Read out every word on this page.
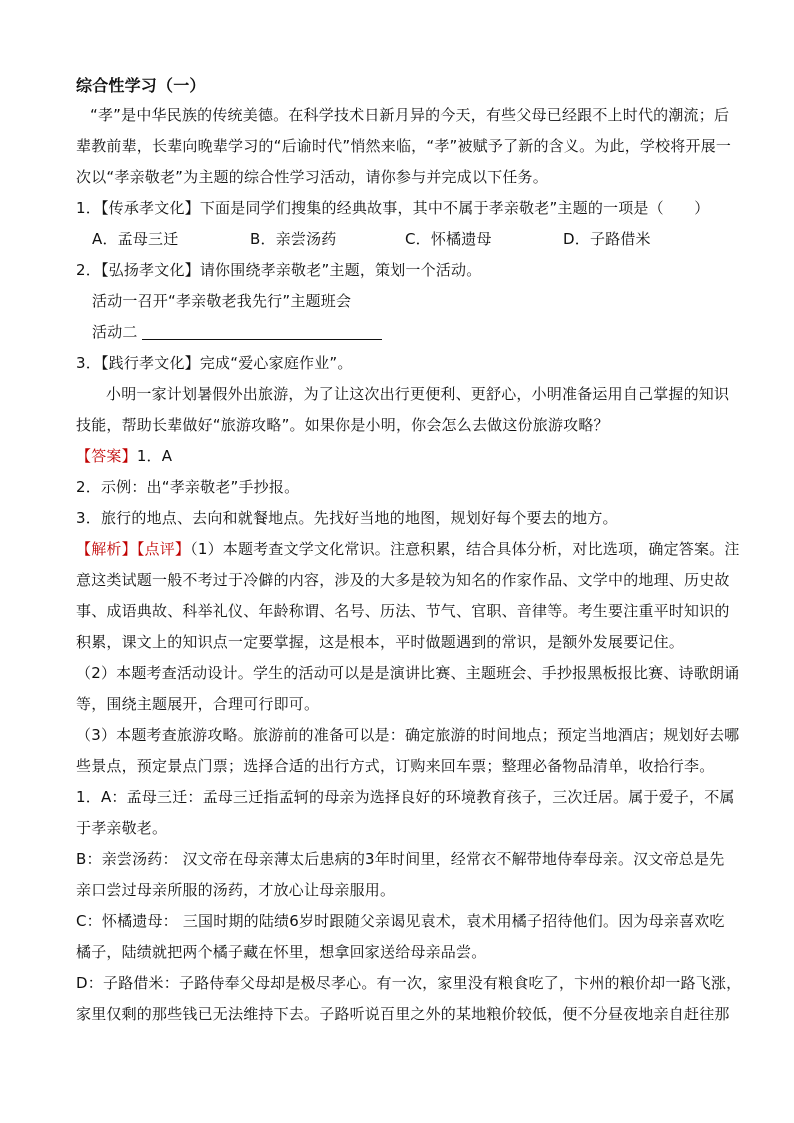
综合性学习（一）
“孝”是中华民族的传统美德。在科学技术日新月异的今天，有些父母已经跟不上时代的潮流；后
辈教前辈，长辈向晚辈学习的“后谕时代”悄然来临，“孝”被赋予了新的含义。为此，学校将开展一
次以“孝亲敬老”为主题的综合性学习活动，请你参与并完成以下任务。
1．【传承孝文化】下面是同学们搜集的经典故事，其中不属于孝亲敬老”主题的一项是（　　）
A．孟母三迁	B．亲尝汤药	C．怀橘遗母	D．子路借米
2．【弘扬孝文化】请你围绕孝亲敬老”主题，策划一个活动。
活动一召开“孝亲敬老我先行”主题班会
活动二
3．【践行孝文化】完成“爱心家庭作业”。
小明一家计划暑假外出旅游，为了让这次出行更便利、更舒心，小明准备运用自己掌握的知识
技能，帮助长辈做好“旅游攻略”。如果你是小明，你会怎么去做这份旅游攻略？
【答案】1．A
2．示例：出“孝亲敬老”手抄报。
3．旅行的地点、去向和就餐地点。先找好当地的地图，规划好每个要去的地方。
【解析】【点评】（1）本题考查文学文化常识。注意积累，结合具体分析，对比选项，确定答案。注
意这类试题一般不考过于冷僻的内容，涉及的大多是较为知名的作家作品、文学中的地理、历史故
事、成语典故、科举礼仪、年龄称谓、名号、历法、节气、官职、音律等。考生要注重平时知识的
积累，课文上的知识点一定要掌握，这是根本，平时做题遇到的常识，是额外发展要记住。
（2）本题考查活动设计。学生的活动可以是是演讲比赛、主题班会、手抄报黑板报比赛、诗歌朗诵
等，围绕主题展开，合理可行即可。
（3）本题考查旅游攻略。旅游前的准备可以是：确定旅游的时间地点；预定当地酒店；规划好去哪
些景点，预定景点门票；选择合适的出行方式，订购来回车票；整理必备物品清单，收拾行李。
1．A：孟母三迁：孟母三迁指孟轲的母亲为选择良好的环境教育孩子，三次迁居。属于爱子，不属
于孝亲敬老。
B：亲尝汤药： 汉文帝在母亲薄太后患病的3年时间里，经常衣不解带地侍奉母亲。汉文帝总是先
亲口尝过母亲所服的汤药，才放心让母亲服用。
C：怀橘遗母： 三国时期的陆绩6岁时跟随父亲谒见袁术，袁术用橘子招待他们。因为母亲喜欢吃
橘子，陆绩就把两个橘子藏在怀里，想拿回家送给母亲品尝。
D：子路借米：子路侍奉父母却是极尽孝心。有一次，家里没有粮食吃了，卞州的粮价却一路飞涨，
家里仅剩的那些钱已无法维持下去。子路听说百里之外的某地粮价较低，便不分昼夜地亲自赶往那
